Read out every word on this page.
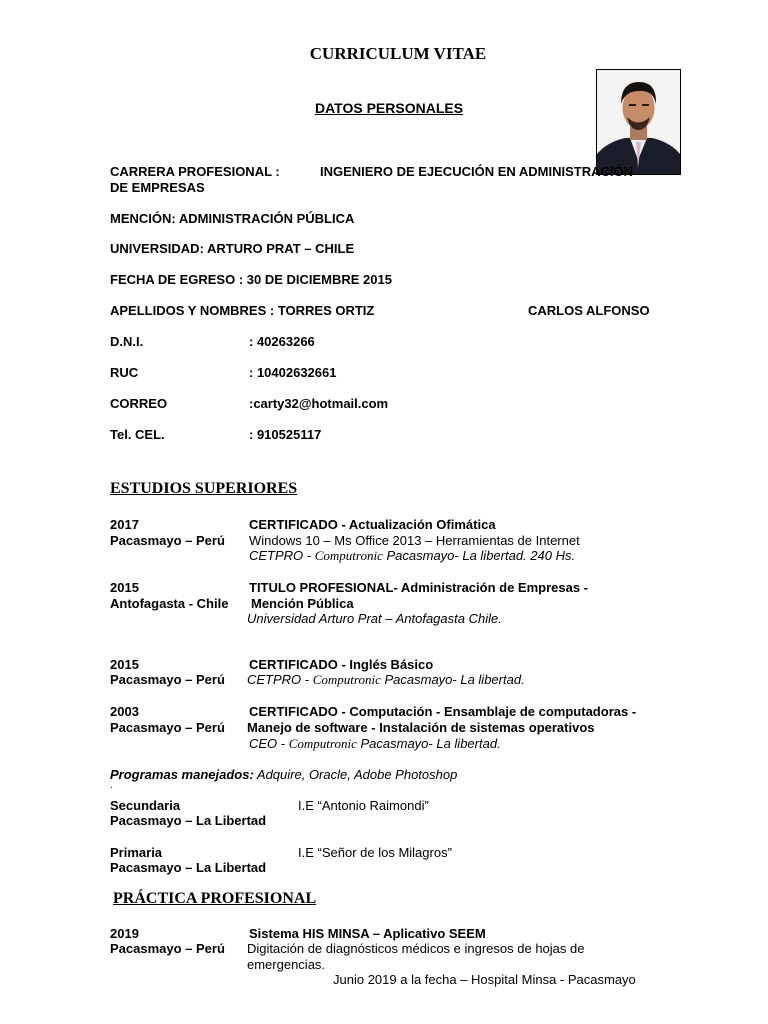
CURRICULUM VITAE
DATOS PERSONALES
CARRERA PROFESIONAL :	INGENIERO DE EJECUCIÓN EN ADMINISTRACIÓN
DE EMPRESAS
MENCIÓN: ADMINISTRACIÓN PÚBLICA
UNIVERSIDAD: ARTURO PRAT – CHILE
FECHA DE EGRESO : 30 DE DICIEMBRE 2015
APELLIDOS Y NOMBRES : TORRES ORTIZ	CARLOS ALFONSO
D.N.I.	: 40263266
RUC	: 10402632661
CORREO	:carty32@hotmail.com
Tel. CEL.	: 910525117
ESTUDIOS SUPERIORES
2017	CERTIFICADO - Actualización Ofimática
Pacasmayo – Perú Windows 10 – Ms Office 2013 – Herramientas de Internet
CETPRO - Computronic Pacasmayo- La libertad. 240 Hs.
2015	TITULO PROFESIONAL- Administración de Empresas -
Antofagasta - Chile Mención Pública
Universidad Arturo Prat – Antofagasta Chile.
2015	CERTIFICADO - Inglés Básico
Pacasmayo – Perú CETPRO - Computronic Pacasmayo- La libertad.
2003	CERTIFICADO - Computación - Ensamblaje de computadoras -
Pacasmayo – Perú Manejo de software - Instalación de sistemas operativos
CEO - Computronic Pacasmayo- La libertad.
Programas manejados: Adquire, Oracle, Adobe Photoshop
.
Secundaria	I.E “Antonio Raimondi”
Pacasmayo – La Libertad
Primaria	I.E “Señor de los Milagros”
Pacasmayo – La Libertad
PRÁCTICA PROFESIONAL
2019	Sistema HIS MINSA – Aplicativo SEEM
Pacasmayo – Perú Digitación de diagnósticos médicos e ingresos de hojas de
emergencias.
Junio 2019 a la fecha – Hospital Minsa - Pacasmayo
